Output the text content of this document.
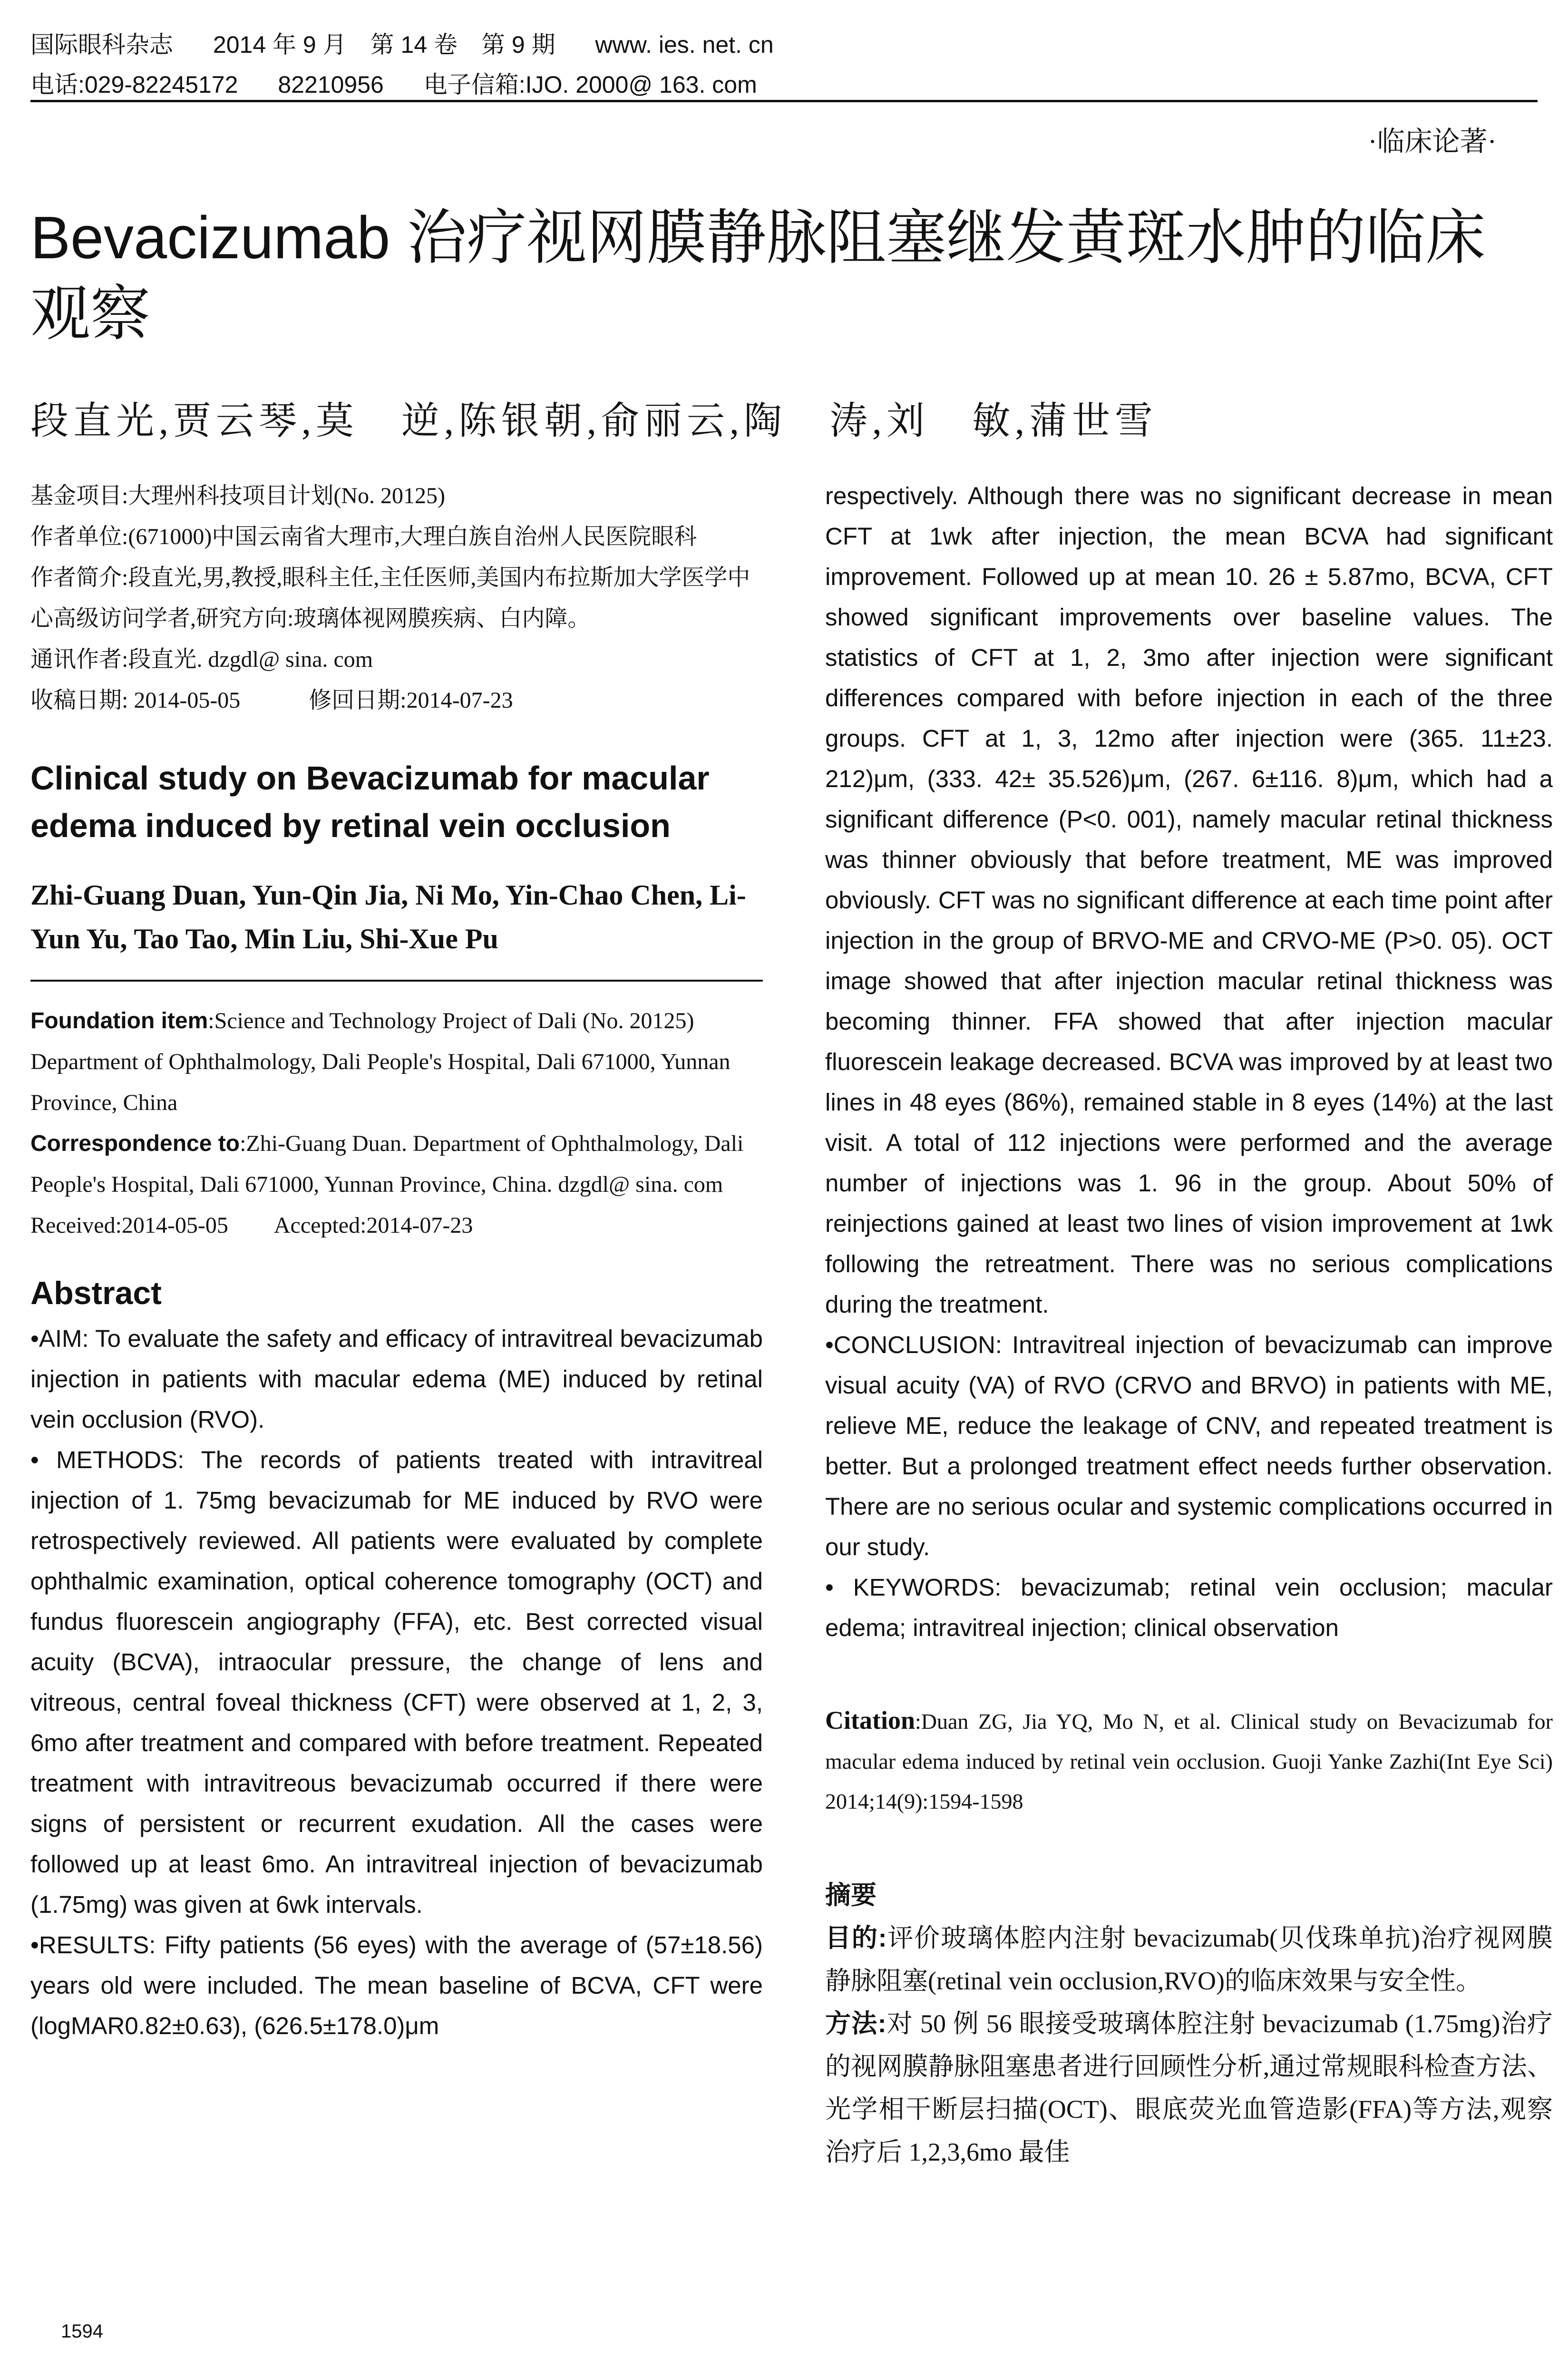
国际眼科杂志 2014 年 9 月　第 14 卷　第 9 期 www. ies. net. cn
电话:029-82245172 82210956 电子信箱:IJO. 2000@ 163. com
·临床论著·
Bevacizumab 治疗视网膜静脉阻塞继发黄斑水肿的临床观察
段直光,贾云琴,莫　逆,陈银朝,俞丽云,陶　涛,刘　敏,蒲世雪

基金项目:大理州科技项目计划(No. 20125)

作者单位:(671000)中国云南省大理市,大理白族自治州人民医院眼科

作者简介:段直光,男,教授,眼科主任,主任医师,美国内布拉斯加大学医学中心高级访问学者,研究方向:玻璃体视网膜疾病、白内障。

通讯作者:段直光. dzgdl@ sina. com

收稿日期: 2014-05-05　　　修回日期:2014-07-23

Clinical study on Bevacizumab for macular edema induced by retinal vein occlusion
Zhi-Guang Duan, Yun-Qin Jia, Ni Mo, Yin-Chao Chen, Li-Yun Yu, Tao Tao, Min Liu, Shi-Xue Pu

Foundation item:Science and Technology Project of Dali (No. 20125)

Department of Ophthalmology, Dali People's Hospital, Dali 671000, Yunnan Province, China

Correspondence to:Zhi-Guang Duan. Department of Ophthalmology, Dali People's Hospital, Dali 671000, Yunnan Province, China. dzgdl@ sina. com

Received:2014-05-05　　Accepted:2014-07-23

Abstract

•AIM: To evaluate the safety and efficacy of intravitreal bevacizumab injection in patients with macular edema (ME) induced by retinal vein occlusion (RVO).

• METHODS: The records of patients treated with intravitreal injection of 1. 75mg bevacizumab for ME induced by RVO were retrospectively reviewed. All patients were evaluated by complete ophthalmic examination, optical coherence tomography (OCT) and fundus fluorescein angiography (FFA), etc. Best corrected visual acuity (BCVA), intraocular pressure, the change of lens and vitreous, central foveal thickness (CFT) were observed at 1, 2, 3, 6mo after treatment and compared with before treatment. Repeated treatment with intravitreous bevacizumab occurred if there were signs of persistent or recurrent exudation. All the cases were followed up at least 6mo. An intravitreal injection of bevacizumab (1.75mg) was given at 6wk intervals.

•RESULTS: Fifty patients (56 eyes) with the average of (57±18.56) years old were included. The mean baseline of BCVA, CFT were (logMAR0.82±0.63), (626.5±178.0)μm

respectively. Although there was no significant decrease in mean CFT at 1wk after injection, the mean BCVA had significant improvement. Followed up at mean 10. 26 ± 5.87mo, BCVA, CFT showed significant improvements over baseline values. The statistics of CFT at 1, 2, 3mo after injection were significant differences compared with before injection in each of the three groups. CFT at 1, 3, 12mo after injection were (365. 11±23. 212)μm, (333. 42± 35.526)μm, (267. 6±116. 8)μm, which had a significant difference (P<0. 001), namely macular retinal thickness was thinner obviously that before treatment, ME was improved obviously. CFT was no significant difference at each time point after injection in the group of BRVO-ME and CRVO-ME (P>0. 05). OCT image showed that after injection macular retinal thickness was becoming thinner. FFA showed that after injection macular fluorescein leakage decreased. BCVA was improved by at least two lines in 48 eyes (86%), remained stable in 8 eyes (14%) at the last visit. A total of 112 injections were performed and the average number of injections was 1. 96 in the group. About 50% of reinjections gained at least two lines of vision improvement at 1wk following the retreatment. There was no serious complications during the treatment.

•CONCLUSION: Intravitreal injection of bevacizumab can improve visual acuity (VA) of RVO (CRVO and BRVO) in patients with ME, relieve ME, reduce the leakage of CNV, and repeated treatment is better. But a prolonged treatment effect needs further observation. There are no serious ocular and systemic complications occurred in our study.

• KEYWORDS: bevacizumab; retinal vein occlusion; macular edema; intravitreal injection; clinical observation

Citation:Duan ZG, Jia YQ, Mo N, et al. Clinical study on Bevacizumab for macular edema induced by retinal vein occlusion. Guoji Yanke Zazhi(Int Eye Sci) 2014;14(9):1594-1598
摘要

目的:评价玻璃体腔内注射 bevacizumab(贝伐珠单抗)治疗视网膜静脉阻塞(retinal vein occlusion,RVO)的临床效果与安全性。

方法:对 50 例 56 眼接受玻璃体腔注射 bevacizumab (1.75mg)治疗的视网膜静脉阻塞患者进行回顾性分析,通过常规眼科检查方法、光学相干断层扫描(OCT)、眼底荧光血管造影(FFA)等方法,观察治疗后 1,2,3,6mo 最佳

1594
